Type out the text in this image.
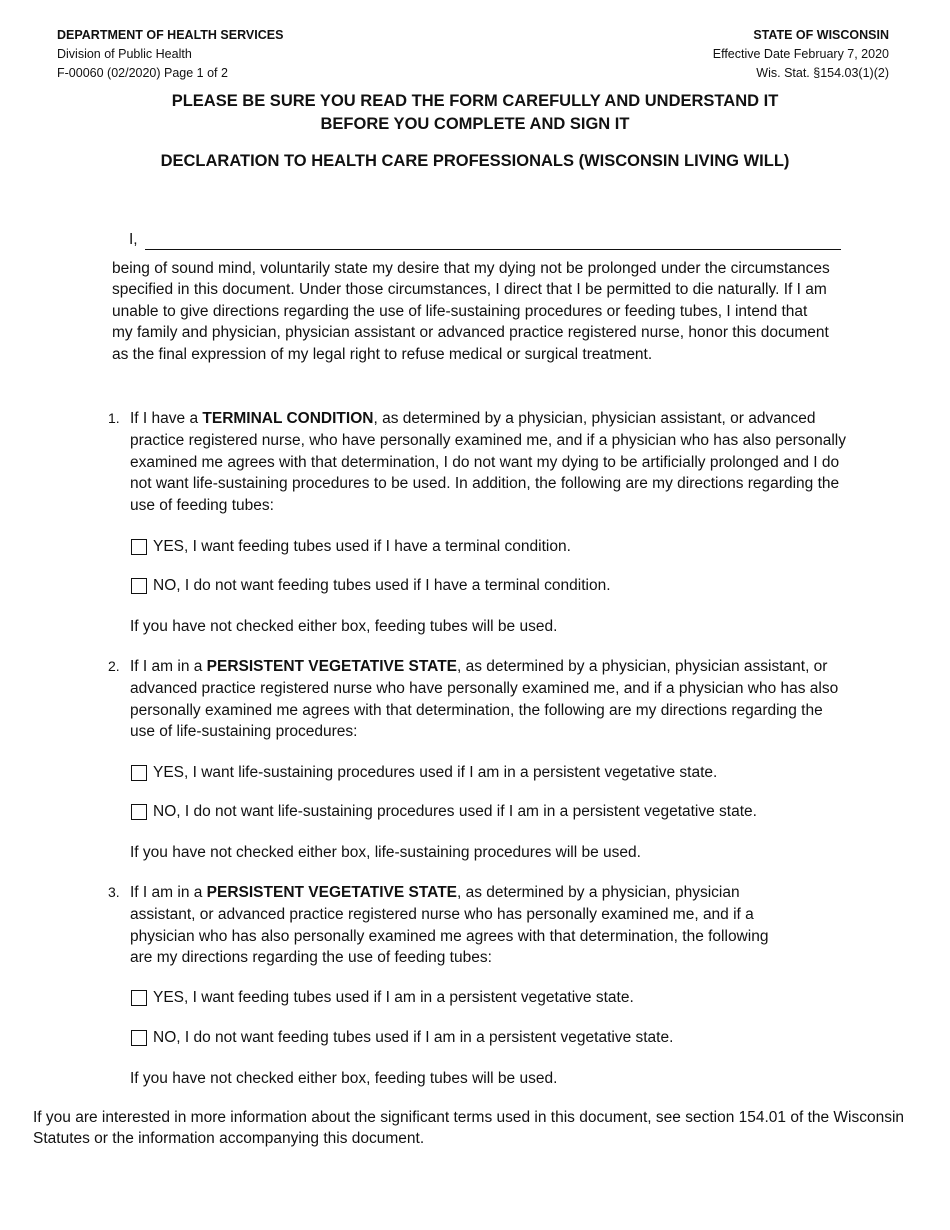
DEPARTMENT OF HEALTH SERVICES
Division of Public Health
F-00060 (02/2020) Page 1 of 2
STATE OF WISCONSIN
Effective Date February 7, 2020
Wis. Stat. §154.03(1)(2)
PLEASE BE SURE YOU READ THE FORM CAREFULLY AND UNDERSTAND IT
BEFORE YOU COMPLETE AND SIGN IT
DECLARATION TO HEALTH CARE PROFESSIONALS (WISCONSIN LIVING WILL)
I,
being of sound mind, voluntarily state my desire that my dying not be prolonged under the circumstances specified in this document. Under those circumstances, I direct that I be permitted to die naturally. If I am unable to give directions regarding the use of life-sustaining procedures or feeding tubes, I intend that my family and physician, physician assistant or advanced practice registered nurse, honor this document as the final expression of my legal right to refuse medical or surgical treatment.
1. If I have a TERMINAL CONDITION, as determined by a physician, physician assistant, or advanced practice registered nurse, who have personally examined me, and if a physician who has also personally examined me agrees with that determination, I do not want my dying to be artificially prolonged and I do not want life-sustaining procedures to be used. In addition, the following are my directions regarding the use of feeding tubes:
YES, I want feeding tubes used if I have a terminal condition.
NO, I do not want feeding tubes used if I have a terminal condition.
If you have not checked either box, feeding tubes will be used.
2. If I am in a PERSISTENT VEGETATIVE STATE, as determined by a physician, physician assistant, or advanced practice registered nurse who have personally examined me, and if a physician who has also personally examined me agrees with that determination, the following are my directions regarding the use of life-sustaining procedures:
YES, I want life-sustaining procedures used if I am in a persistent vegetative state.
NO, I do not want life-sustaining procedures used if I am in a persistent vegetative state.
If you have not checked either box, life-sustaining procedures will be used.
3. If I am in a PERSISTENT VEGETATIVE STATE, as determined by a physician, physician assistant, or advanced practice registered nurse who has personally examined me, and if a physician who has also personally examined me agrees with that determination, the following are my directions regarding the use of feeding tubes:
YES, I want feeding tubes used if I am in a persistent vegetative state.
NO, I do not want feeding tubes used if I am in a persistent vegetative state.
If you have not checked either box, feeding tubes will be used.
If you are interested in more information about the significant terms used in this document, see section 154.01 of the Wisconsin Statutes or the information accompanying this document.
